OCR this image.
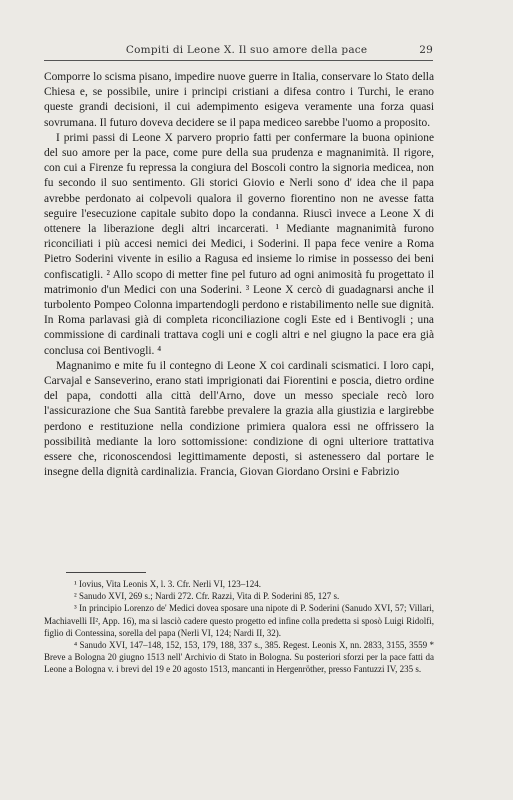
Compiti di Leone X. Il suo amore della pace	29

Comporre lo scisma pisano, impedire nuove guerre in Italia, conservare lo Stato della Chiesa e, se possibile, unire i principi cristiani a difesa contro i Turchi, le erano queste grandi decisioni, il cui adempimento esigeva veramente una forza quasi sovrumana. Il futuro doveva decidere se il papa mediceo sarebbe l'uomo a proposito.

I primi passi di Leone X parvero proprio fatti per confermare la buona opinione del suo amore per la pace, come pure della sua prudenza e magnanimità. Il rigore, con cui a Firenze fu repressa la congiura del Boscoli contro la signoria medicea, non fu secondo il suo sentimento. Gli storici Giovio e Nerli sono d' idea che il papa avrebbe perdonato ai colpevoli qualora il governo fiorentino non ne avesse fatta seguire l'esecuzione capitale subito dopo la condanna. Riuscì invece a Leone X di ottenere la liberazione degli altri incarcerati. ¹ Mediante magnanimità furono riconciliati i più accesi nemici dei Medici, i Soderini. Il papa fece venire a Roma Pietro Soderini vivente in esilio a Ragusa ed insieme lo rimise in possesso dei beni confiscatigli. ² Allo scopo di metter fine pel futuro ad ogni animosità fu progettato il matrimonio d'un Medici con una Soderini. ³ Leone X cercò di guadagnarsi anche il turbolento Pompeo Colonna impartendogli perdono e ristabilimento nelle sue dignità. In Roma parlavasi già di completa riconciliazione cogli Este ed i Bentivogli ; una commissione di cardinali trattava cogli uni e cogli altri e nel giugno la pace era già conclusa coi Bentivogli. ⁴

Magnanimo e mite fu il contegno di Leone X coi cardinali scismatici. I loro capi, Carvajal e Sanseverino, erano stati imprigionati dai Fiorentini e poscia, dietro ordine del papa, condotti alla città dell'Arno, dove un messo speciale recò loro l'assicurazione che Sua Santità farebbe prevalere la grazia alla giustizia e largirebbe perdono e restituzione nella condizione primiera qualora essi ne offrissero la possibilità mediante la loro sottomissione: condizione di ogni ulteriore trattativa essere che, riconoscendosi legittimamente deposti, si astenessero dal portare le insegne della dignità cardinalizia. Francia, Giovan Giordano Orsini e Fabrizio

¹ Iovius, Vita Leonis X, l. 3. Cfr. Nerli VI, 123–124.

² Sanudo XVI, 269 s.; Nardi 272. Cfr. Razzi, Vita di P. Soderini 85, 127 s.

³ In principio Lorenzo de' Medici dovea sposare una nipote di P. Soderini (Sanudo XVI, 57; Villari, Machiavelli II², App. 16), ma si lasciò cadere questo progetto ed infine colla predetta si sposò Luigi Ridolfi, figlio di Contessina, sorella del papa (Nerli VI, 124; Nardi II, 32).

⁴ Sanudo XVI, 147–148, 152, 153, 179, 188, 337 s., 385. Regest. Leonis X, nn. 2833, 3155, 3559 * Breve a Bologna 20 giugno 1513 nell' Archivio di Stato in Bologna. Su posteriori sforzi per la pace fatti da Leone a Bologna v. i brevi del 19 e 20 agosto 1513, mancanti in Hergenröther, presso Fantuzzi IV, 235 s.
